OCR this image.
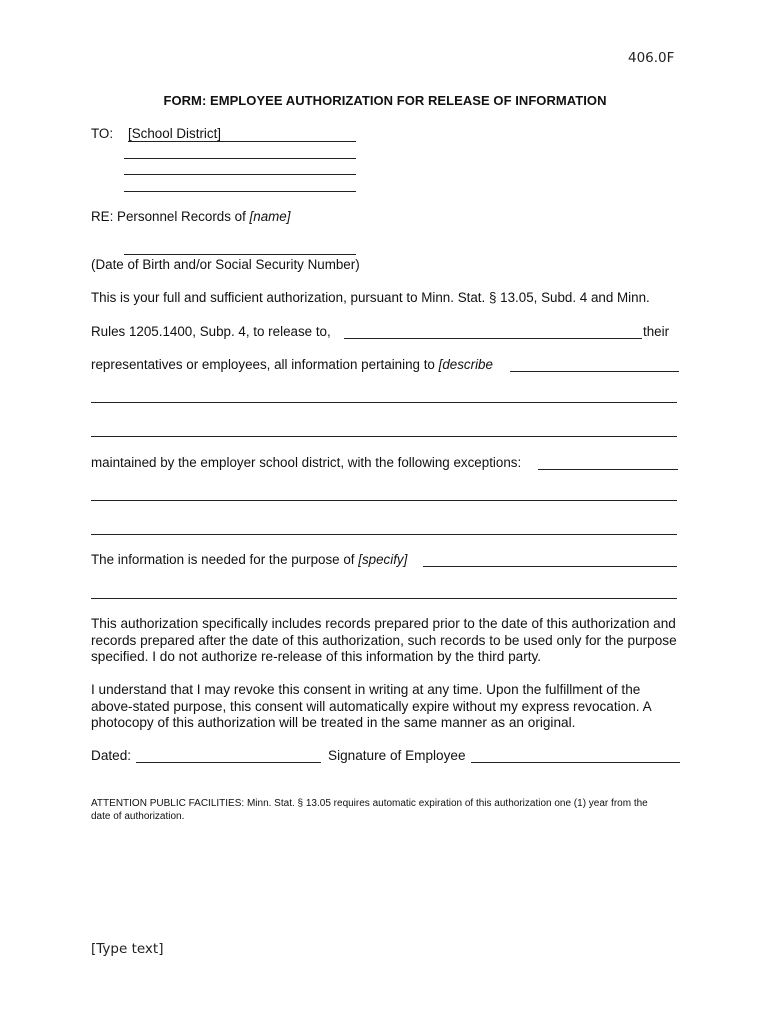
406.0F
FORM: EMPLOYEE AUTHORIZATION FOR RELEASE OF INFORMATION
TO: [School District]
RE: Personnel Records of [name]
(Date of Birth and/or Social Security Number)
This is your full and sufficient authorization, pursuant to Minn. Stat. § 13.05, Subd. 4 and Minn.
Rules 1205.1400, Subp. 4, to release to,	their
representatives or employees, all information pertaining to [describe
maintained by the employer school district, with the following exceptions:
The information is needed for the purpose of [specify]
This authorization specifically includes records prepared prior to the date of this authorization and records prepared after the date of this authorization, such records to be used only for the purpose specified. I do not authorize re-release of this information by the third party.
I understand that I may revoke this consent in writing at any time. Upon the fulfillment of the above-stated purpose, this consent will automatically expire without my express revocation. A photocopy of this authorization will be treated in the same manner as an original.
Dated:	Signature of Employee
ATTENTION PUBLIC FACILITIES: Minn. Stat. § 13.05 requires automatic expiration of this authorization one (1) year from the date of authorization.
[Type text]
